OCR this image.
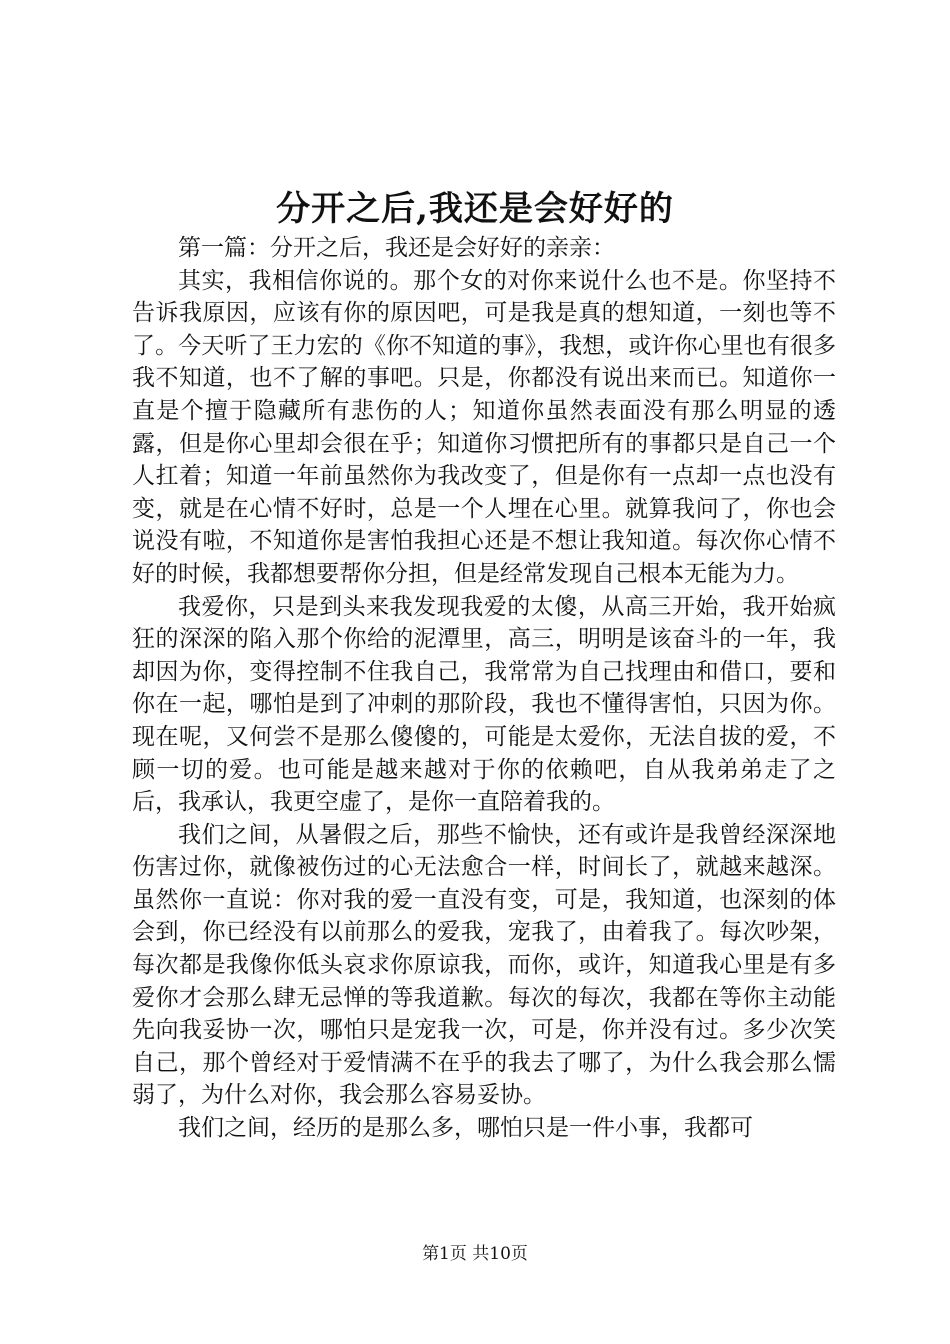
分开之后,我还是会好好的

第一篇：分开之后，我还是会好好的亲亲：

其实，我相信你说的。那个女的对你来说什么也不是。你坚持不告诉我原因，应该有你的原因吧，可是我是真的想知道，一刻也等不了。今天听了王力宏的《你不知道的事》，我想，或许你心里也有很多我不知道，也不了解的事吧。只是，你都没有说出来而已。知道你一直是个擅于隐藏所有悲伤的人；知道你虽然表面没有那么明显的透露，但是你心里却会很在乎；知道你习惯把所有的事都只是自己一个人扛着；知道一年前虽然你为我改变了，但是你有一点却一点也没有变，就是在心情不好时，总是一个人埋在心里。就算我问了，你也会说没有啦，不知道你是害怕我担心还是不想让我知道。每次你心情不好的时候，我都想要帮你分担，但是经常发现自己根本无能为力。

我爱你，只是到头来我发现我爱的太傻，从高三开始，我开始疯狂的深深的陷入那个你给的泥潭里，高三，明明是该奋斗的一年，我却因为你，变得控制不住我自己，我常常为自己找理由和借口，要和你在一起，哪怕是到了冲刺的那阶段，我也不懂得害怕，只因为你。现在呢，又何尝不是那么傻傻的，可能是太爱你，无法自拔的爱，不顾一切的爱。也可能是越来越对于你的依赖吧，自从我弟弟走了之后，我承认，我更空虚了，是你一直陪着我的。

我们之间，从暑假之后，那些不愉快，还有或许是我曾经深深地伤害过你，就像被伤过的心无法愈合一样，时间长了，就越来越深。虽然你一直说：你对我的爱一直没有变，可是，我知道，也深刻的体会到，你已经没有以前那么的爱我，宠我了，由着我了。每次吵架，每次都是我像你低头哀求你原谅我，而你，或许，知道我心里是有多爱你才会那么肆无忌惮的等我道歉。每次的每次，我都在等你主动能先向我妥协一次，哪怕只是宠我一次，可是，你并没有过。多少次笑自己，那个曾经对于爱情满不在乎的我去了哪了，为什么我会那么懦弱了，为什么对你，我会那么容易妥协。

我们之间，经历的是那么多，哪怕只是一件小事，我都可

第1页 共10页
